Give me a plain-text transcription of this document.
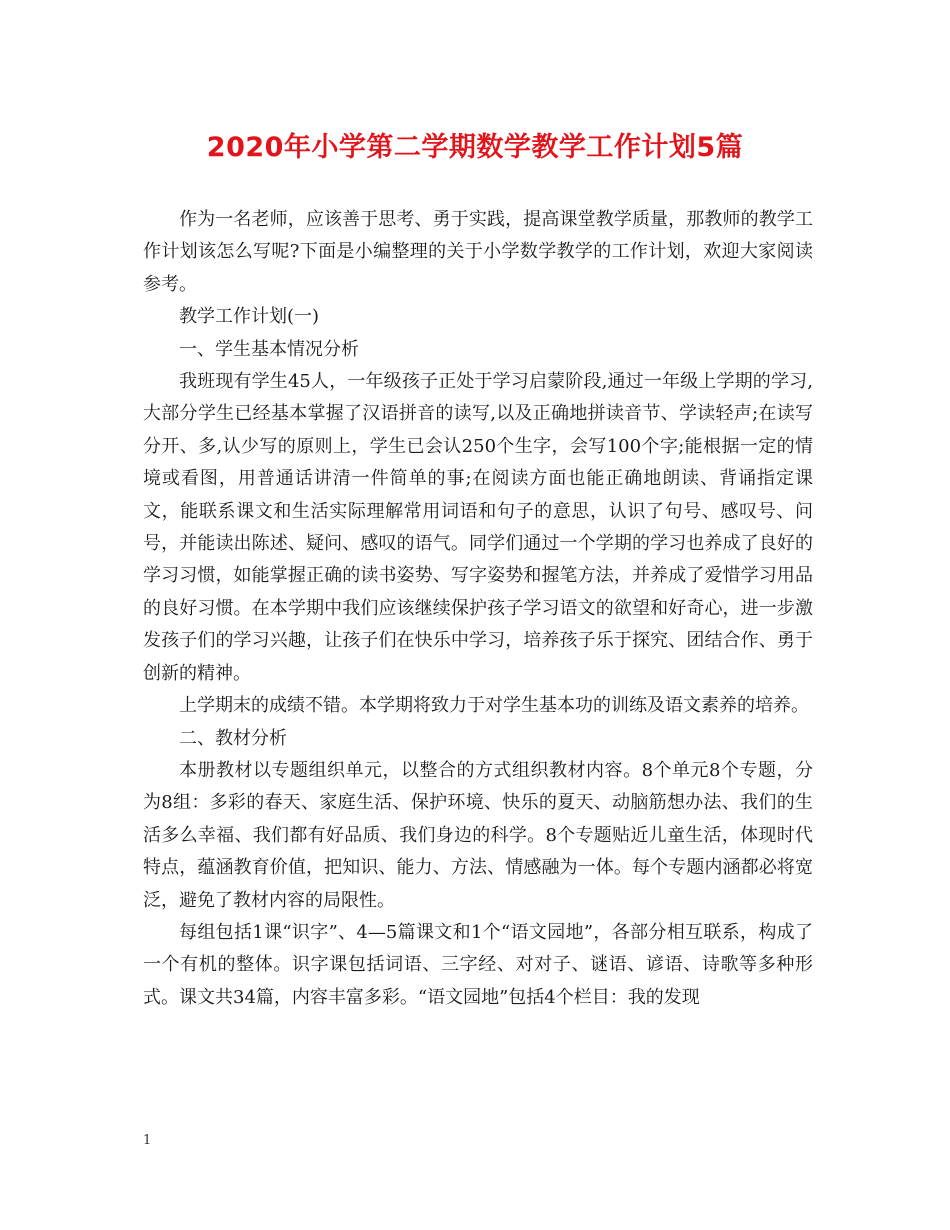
2020年小学第二学期数学教学工作计划5篇

作为一名老师，应该善于思考、勇于实践，提高课堂教学质量，那教师的教学工作计划该怎么写呢?下面是小编整理的关于小学数学教学的工作计划，欢迎大家阅读参考。

教学工作计划(一)

一、学生基本情况分析

我班现有学生45人，一年级孩子正处于学习启蒙阶段,通过一年级上学期的学习,大部分学生已经基本掌握了汉语拼音的读写,以及正确地拼读音节、学读轻声;在读写分开、多,认少写的原则上，学生已会认250个生字，会写100个字;能根据一定的情境或看图，用普通话讲清一件简单的事;在阅读方面也能正确地朗读、背诵指定课文，能联系课文和生活实际理解常用词语和句子的意思，认识了句号、感叹号、问号，并能读出陈述、疑问、感叹的语气。同学们通过一个学期的学习也养成了良好的学习习惯，如能掌握正确的读书姿势、写字姿势和握笔方法，并养成了爱惜学习用品的良好习惯。在本学期中我们应该继续保护孩子学习语文的欲望和好奇心，进一步激发孩子们的学习兴趣，让孩子们在快乐中学习，培养孩子乐于探究、团结合作、勇于创新的精神。

上学期末的成绩不错。本学期将致力于对学生基本功的训练及语文素养的培养。

二、教材分析

本册教材以专题组织单元，以整合的方式组织教材内容。8个单元8个专题，分为8组：多彩的春天、家庭生活、保护环境、快乐的夏天、动脑筋想办法、我们的生活多么幸福、我们都有好品质、我们身边的科学。8个专题贴近儿童生活，体现时代特点，蕴涵教育价值，把知识、能力、方法、情感融为一体。每个专题内涵都必将宽泛，避免了教材内容的局限性。

每组包括1课“识字”、4—5篇课文和1个“语文园地”，各部分相互联系，构成了一个有机的整体。识字课包括词语、三字经、对对子、谜语、谚语、诗歌等多种形式。课文共34篇，内容丰富多彩。“语文园地”包括4个栏目：我的发现

1
